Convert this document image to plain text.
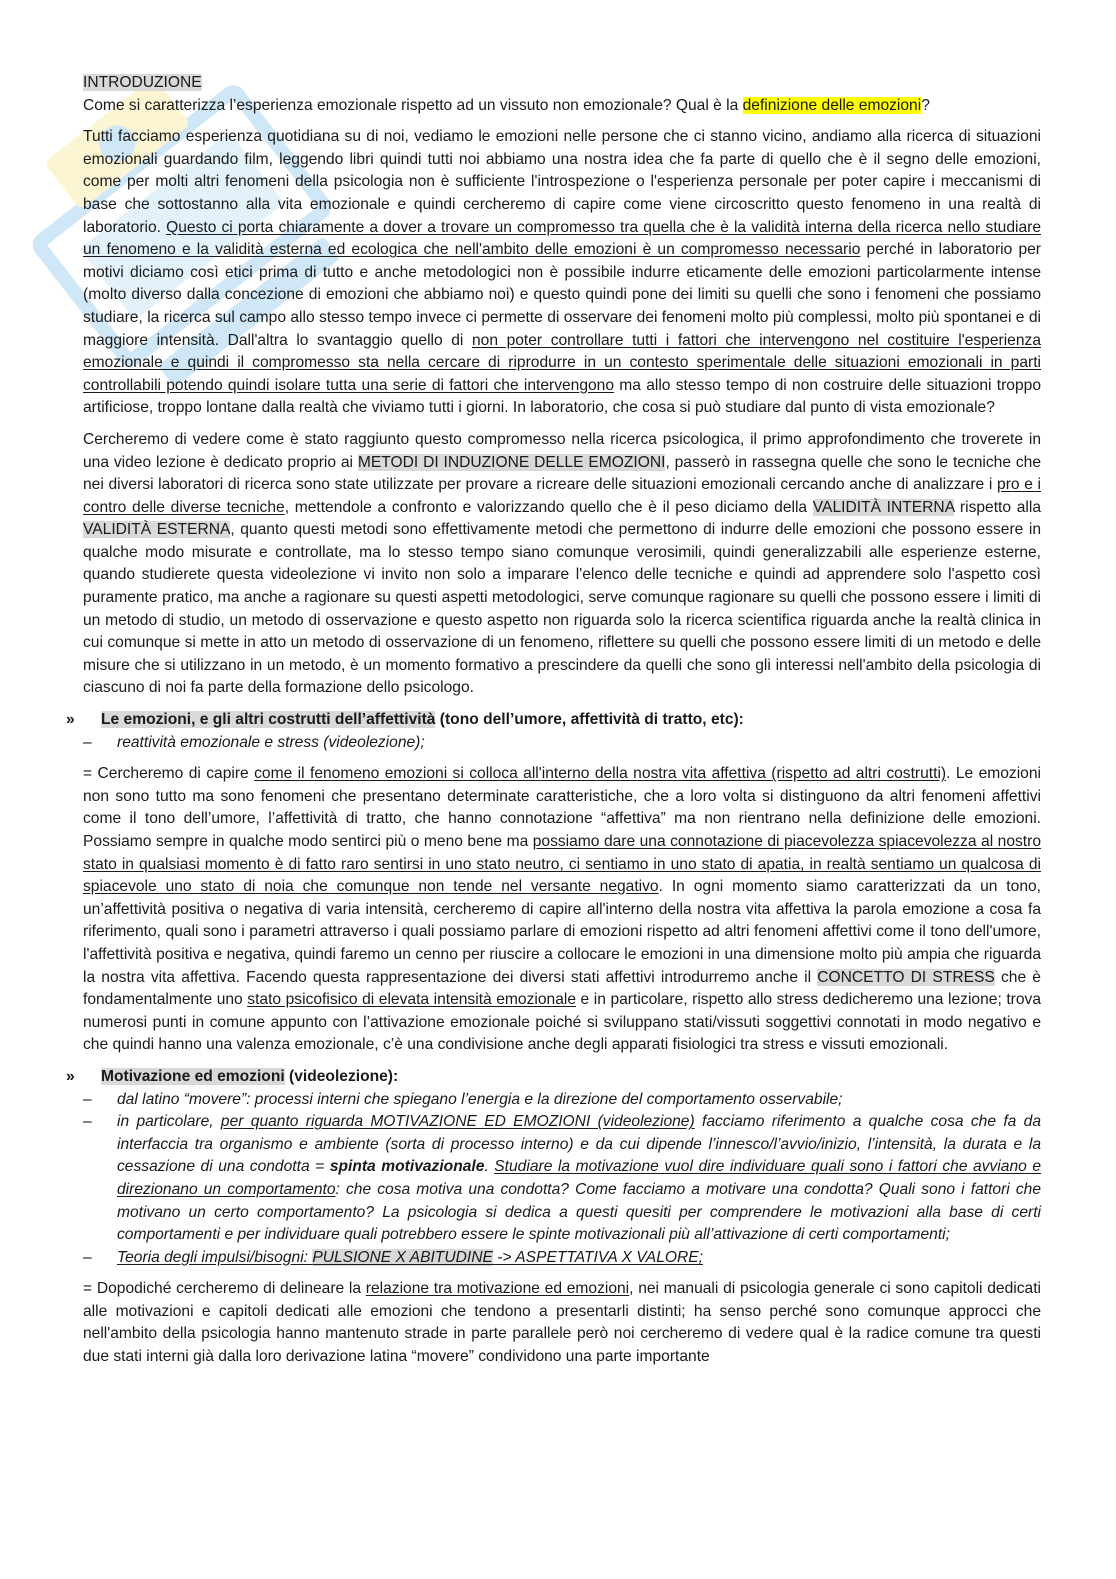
INTRODUZIONE

Come si caratterizza l’esperienza emozionale rispetto ad un vissuto non emozionale? Qual è la definizione delle emozioni?

Tutti facciamo esperienza quotidiana su di noi, vediamo le emozioni nelle persone che ci stanno vicino, andiamo alla ricerca di situazioni emozionali guardando film, leggendo libri quindi tutti noi abbiamo una nostra idea che fa parte di quello che è il segno delle emozioni, come per molti altri fenomeni della psicologia non è sufficiente l'introspezione o l'esperienza personale per poter capire i meccanismi di base che sottostanno alla vita emozionale e quindi cercheremo di capire come viene circoscritto questo fenomeno in una realtà di laboratorio. Questo ci porta chiaramente a dover a trovare un compromesso tra quella che è la validità interna della ricerca nello studiare un fenomeno e la validità esterna ed ecologica che nell'ambito delle emozioni è un compromesso necessario perché in laboratorio per motivi diciamo così etici prima di tutto e anche metodologici non è possibile indurre eticamente delle emozioni particolarmente intense (molto diverso dalla concezione di emozioni che abbiamo noi) e questo quindi pone dei limiti su quelli che sono i fenomeni che possiamo studiare, la ricerca sul campo allo stesso tempo invece ci permette di osservare dei fenomeni molto più complessi, molto più spontanei e di maggiore intensità. Dall'altra lo svantaggio quello di non poter controllare tutti i fattori che intervengono nel costituire l'esperienza emozionale e quindi il compromesso sta nella cercare di riprodurre in un contesto sperimentale delle situazioni emozionali in parti controllabili potendo quindi isolare tutta una serie di fattori che intervengono ma allo stesso tempo di non costruire delle situazioni troppo artificiose, troppo lontane dalla realtà che viviamo tutti i giorni. In laboratorio, che cosa si può studiare dal punto di vista emozionale?

Cercheremo di vedere come è stato raggiunto questo compromesso nella ricerca psicologica, il primo approfondimento che troverete in una video lezione è dedicato proprio ai METODI DI INDUZIONE DELLE EMOZIONI, passerò in rassegna quelle che sono le tecniche che nei diversi laboratori di ricerca sono state utilizzate per provare a ricreare delle situazioni emozionali cercando anche di analizzare i pro e i contro delle diverse tecniche, mettendole a confronto e valorizzando quello che è il peso diciamo della VALIDITÀ INTERNA rispetto alla VALIDITÀ ESTERNA, quanto questi metodi sono effettivamente metodi che permettono di indurre delle emozioni che possono essere in qualche modo misurate e controllate, ma lo stesso tempo siano comunque verosimili, quindi generalizzabili alle esperienze esterne, quando studierete questa videolezione vi invito non solo a imparare l'elenco delle tecniche e quindi ad apprendere solo l'aspetto così puramente pratico, ma anche a ragionare su questi aspetti metodologici, serve comunque ragionare su quelli che possono essere i limiti di un metodo di studio, un metodo di osservazione e questo aspetto non riguarda solo la ricerca scientifica riguarda anche la realtà clinica in cui comunque si mette in atto un metodo di osservazione di un fenomeno, riflettere su quelli che possono essere limiti di un metodo e delle misure che si utilizzano in un metodo, è un momento formativo a prescindere da quelli che sono gli interessi nell'ambito della psicologia di ciascuno di noi fa parte della formazione dello psicologo.

» Le emozioni, e gli altri costrutti dell’affettività (tono dell’umore, affettività di tratto, etc):

– reattività emozionale e stress (videolezione);

= Cercheremo di capire come il fenomeno emozioni si colloca all'interno della nostra vita affettiva (rispetto ad altri costrutti). Le emozioni non sono tutto ma sono fenomeni che presentano determinate caratteristiche, che a loro volta si distinguono da altri fenomeni affettivi come il tono dell’umore, l’affettività di tratto, che hanno connotazione “affettiva” ma non rientrano nella definizione delle emozioni. Possiamo sempre in qualche modo sentirci più o meno bene ma possiamo dare una connotazione di piacevolezza spiacevolezza al nostro stato in qualsiasi momento è di fatto raro sentirsi in uno stato neutro, ci sentiamo in uno stato di apatia, in realtà sentiamo un qualcosa di spiacevole uno stato di noia che comunque non tende nel versante negativo. In ogni momento siamo caratterizzati da un tono, un’affettività positiva o negativa di varia intensità, cercheremo di capire all'interno della nostra vita affettiva la parola emozione a cosa fa riferimento, quali sono i parametri attraverso i quali possiamo parlare di emozioni rispetto ad altri fenomeni affettivi come il tono dell'umore, l'affettività positiva e negativa, quindi faremo un cenno per riuscire a collocare le emozioni in una dimensione molto più ampia che riguarda la nostra vita affettiva. Facendo questa rappresentazione dei diversi stati affettivi introdurremo anche il CONCETTO DI STRESS che è fondamentalmente uno stato psicofisico di elevata intensità emozionale e in particolare, rispetto allo stress dedicheremo una lezione; trova numerosi punti in comune appunto con l’attivazione emozionale poiché si sviluppano stati/vissuti soggettivi connotati in modo negativo e che quindi hanno una valenza emozionale, c’è una condivisione anche degli apparati fisiologici tra stress e vissuti emozionali.

» Motivazione ed emozioni (videolezione):

– dal latino “movere”: processi interni che spiegano l’energia e la direzione del comportamento osservabile;

– in particolare, per quanto riguarda MOTIVAZIONE ED EMOZIONI (videolezione) facciamo riferimento a qualche cosa che fa da interfaccia tra organismo e ambiente (sorta di processo interno) e da cui dipende l’innesco/l’avvio/inizio, l’intensità, la durata e la cessazione di una condotta = spinta motivazionale. Studiare la motivazione vuol dire individuare quali sono i fattori che avviano e direzionano un comportamento: che cosa motiva una condotta? Come facciamo a motivare una condotta? Quali sono i fattori che motivano un certo comportamento? La psicologia si dedica a questi quesiti per comprendere le motivazioni alla base di certi comportamenti e per individuare quali potrebbero essere le spinte motivazionali più all’attivazione di certi comportamenti;

– Teoria degli impulsi/bisogni: PULSIONE X ABITUDINE -> ASPETTATIVA X VALORE;

= Dopodiché cercheremo di delineare la relazione tra motivazione ed emozioni, nei manuali di psicologia generale ci sono capitoli dedicati alle motivazioni e capitoli dedicati alle emozioni che tendono a presentarli distinti; ha senso perché sono comunque approcci che nell'ambito della psicologia hanno mantenuto strade in parte parallele però noi cercheremo di vedere qual è la radice comune tra questi due stati interni già dalla loro derivazione latina “movere” condividono una parte importante
